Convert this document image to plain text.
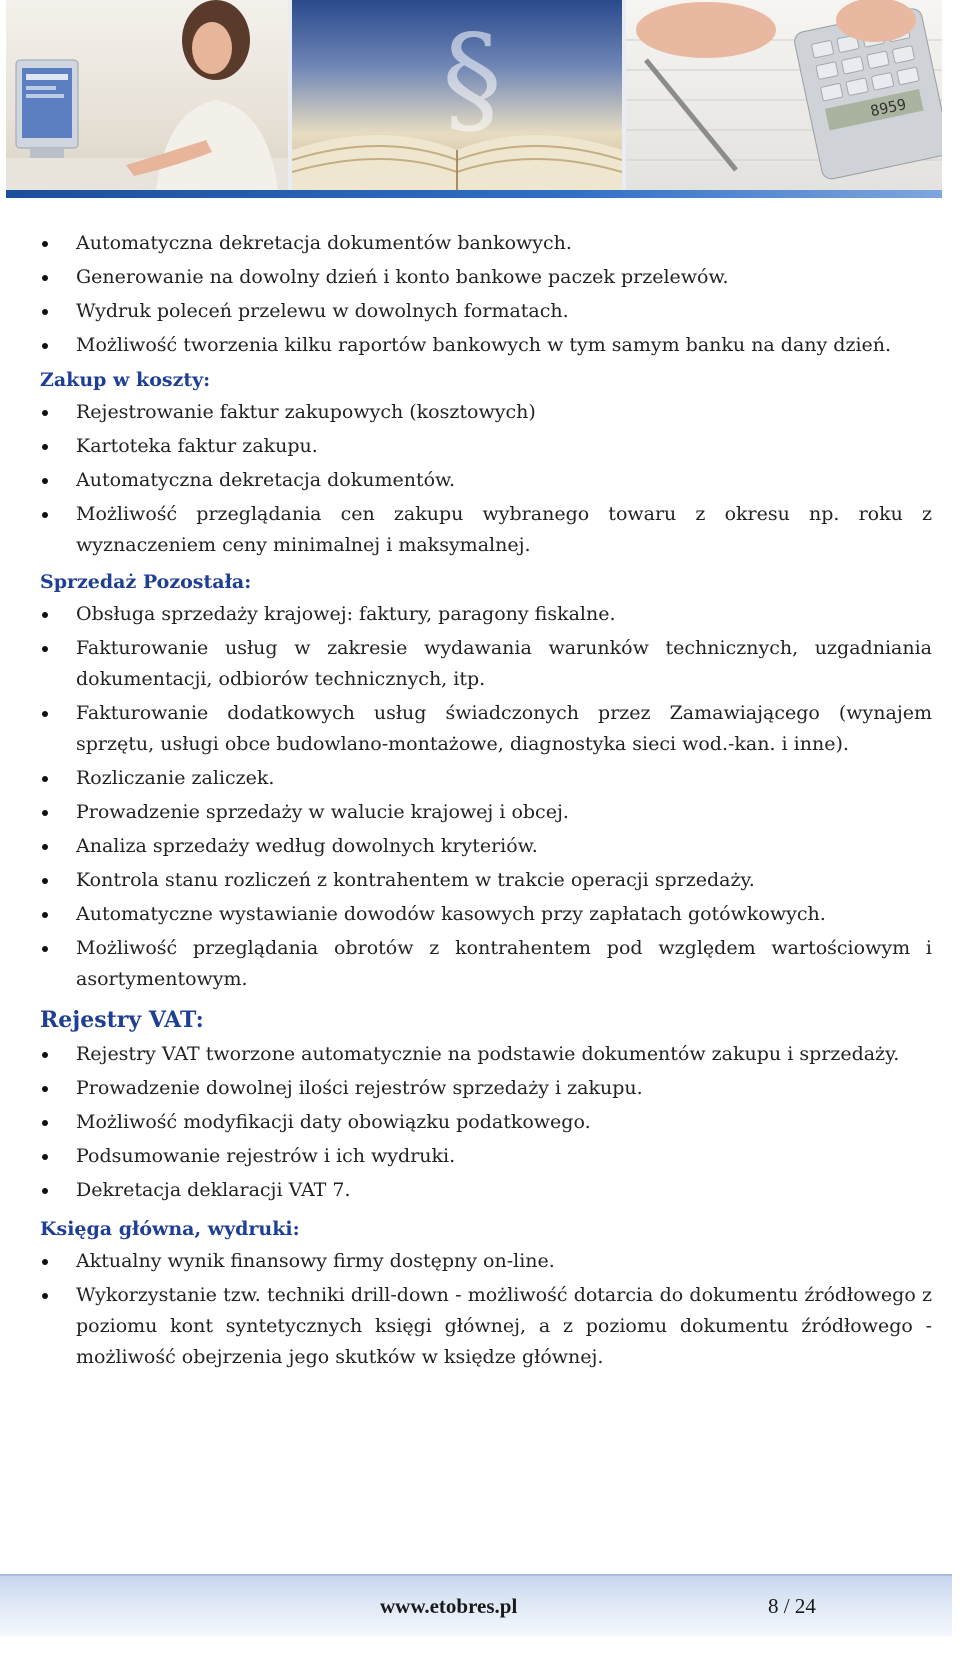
§	8959
Automatyczna dekretacja dokumentów bankowych.
Generowanie na dowolny dzień i konto bankowe paczek przelewów.
Wydruk poleceń przelewu w dowolnych formatach.
Możliwość tworzenia kilku raportów bankowych w tym samym banku na dany dzień.
Zakup w koszty:
Rejestrowanie faktur zakupowych (kosztowych)
Kartoteka faktur zakupu.
Automatyczna dekretacja dokumentów.
Możliwość przeglądania cen zakupu wybranego towaru z okresu np. roku z wyznaczeniem ceny minimalnej i maksymalnej.
Sprzedaż Pozostała:
Obsługa sprzedaży krajowej: faktury, paragony fiskalne.
Fakturowanie usług w zakresie wydawania warunków technicznych, uzgadniania dokumentacji, odbiorów technicznych, itp.
Fakturowanie dodatkowych usług świadczonych przez Zamawiającego (wynajem sprzętu, usługi obce budowlano-montażowe, diagnostyka sieci wod.-kan. i inne).
Rozliczanie zaliczek.
Prowadzenie sprzedaży w walucie krajowej i obcej.
Analiza sprzedaży według dowolnych kryteriów.
Kontrola stanu rozliczeń z kontrahentem w trakcie operacji sprzedaży.
Automatyczne wystawianie dowodów kasowych przy zapłatach gotówkowych.
Możliwość przeglądania obrotów z kontrahentem pod względem wartościowym i asortymentowym.
Rejestry VAT:
Rejestry VAT tworzone automatycznie na podstawie dokumentów zakupu i sprzedaży.
Prowadzenie dowolnej ilości rejestrów sprzedaży i zakupu.
Możliwość modyfikacji daty obowiązku podatkowego.
Podsumowanie rejestrów i ich wydruki.
Dekretacja deklaracji VAT 7.
Księga główna, wydruki:
Aktualny wynik finansowy firmy dostępny on-line.
Wykorzystanie tzw. techniki drill-down - możliwość dotarcia do dokumentu źródłowego z poziomu kont syntetycznych księgi głównej, a z poziomu dokumentu źródłowego - możliwość obejrzenia jego skutków w księdze głównej.
www.etobres.pl	8 / 24
